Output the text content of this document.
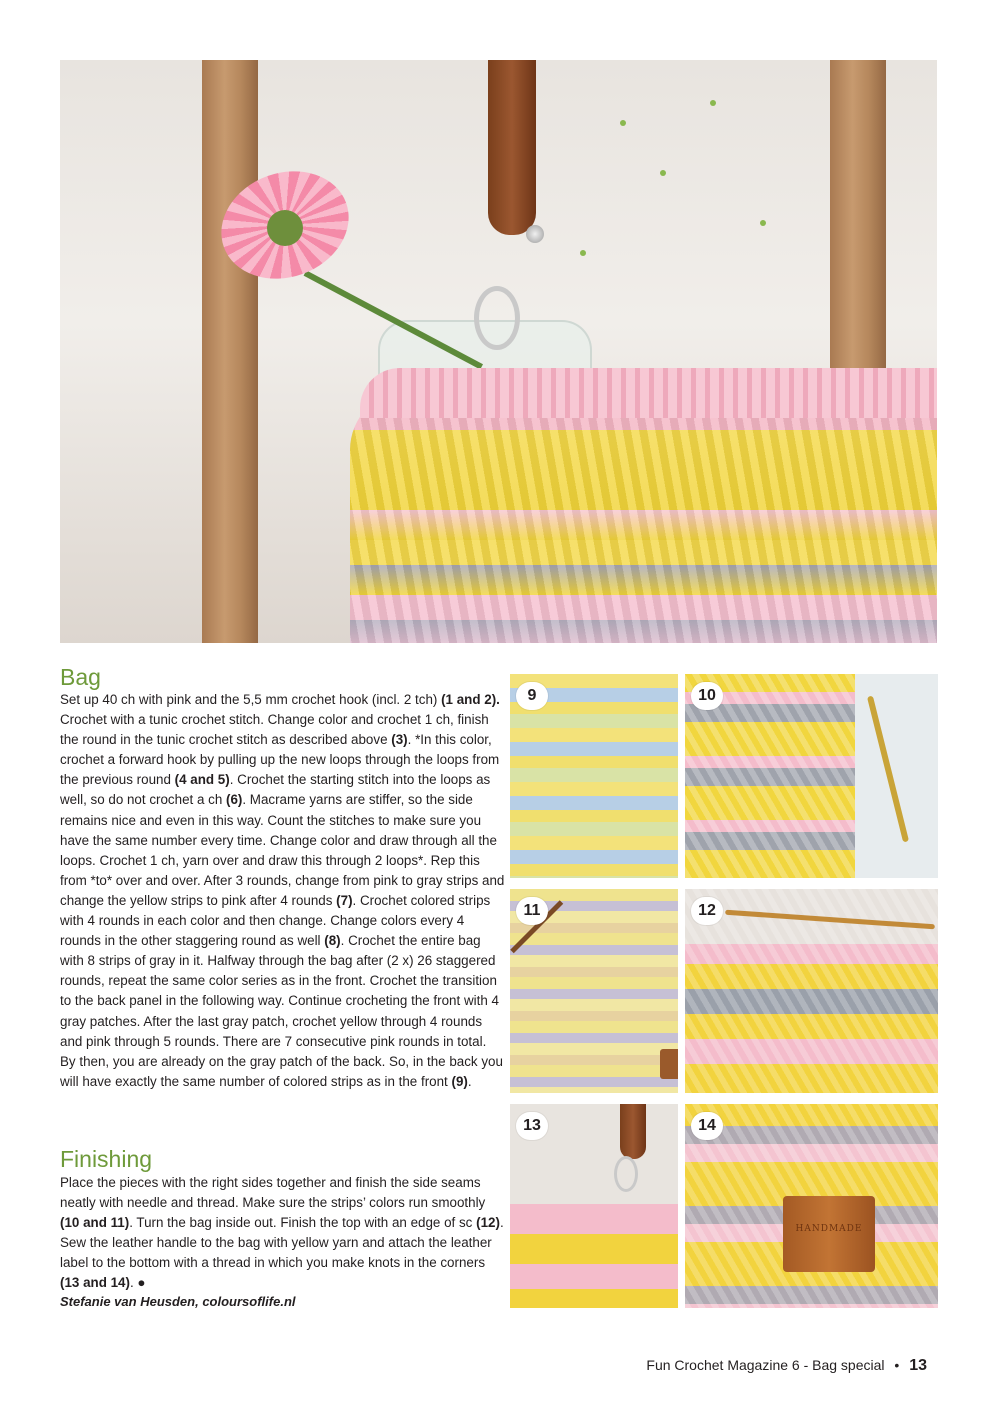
Bag

Set up 40 ch with pink and the 5,5 mm crochet hook (incl. 2 tch) (1 and 2). Crochet with a tunic crochet stitch. Change color and crochet 1 ch, finish the round in the tunic crochet stitch as described above (3). *In this color, crochet a forward hook by pulling up the new loops through the loops from the previous round (4 and 5). Crochet the starting stitch into the loops as well, so do not crochet a ch (6). Macrame yarns are stiffer, so the side remains nice and even in this way. Count the stitches to make sure you have the same number every time. Change color and draw through all the loops. Crochet 1 ch, yarn over and draw this through 2 loops*. Rep this from *to* over and over. After 3 rounds, change from pink to gray strips and change the yellow strips to pink after 4 rounds (7). Crochet colored strips with 4 rounds in each color and then change. Change colors every 4 rounds in the other staggering round as well (8). Crochet the entire bag with 8 strips of gray in it. Halfway through the bag after (2 x) 26 staggered rounds, repeat the same color series as in the front. Crochet the transition to the back panel in the following way. Continue crocheting the front with 4 gray patches. After the last gray patch, crochet yellow through 4 rounds and pink through 5 rounds. There are 7 consecutive pink rounds in total. By then, you are already on the gray patch of the back. So, in the back you will have exactly the same number of colored strips as in the front (9).

Finishing

Place the pieces with the right sides together and finish the side seams neatly with needle and thread. Make sure the strips’ colors run smoothly (10 and 11). Turn the bag inside out. Finish the top with an edge of sc (12). Sew the leather handle to the bag with yellow yarn and attach the leather label to the bottom with a thread in which you make knots in the corners (13 and 14). ●

Stefanie van Heusden, coloursoflife.nl

9	10
11	12
13
HANDMADE
14
Fun Crochet Magazine 6 - Bag special • 13
